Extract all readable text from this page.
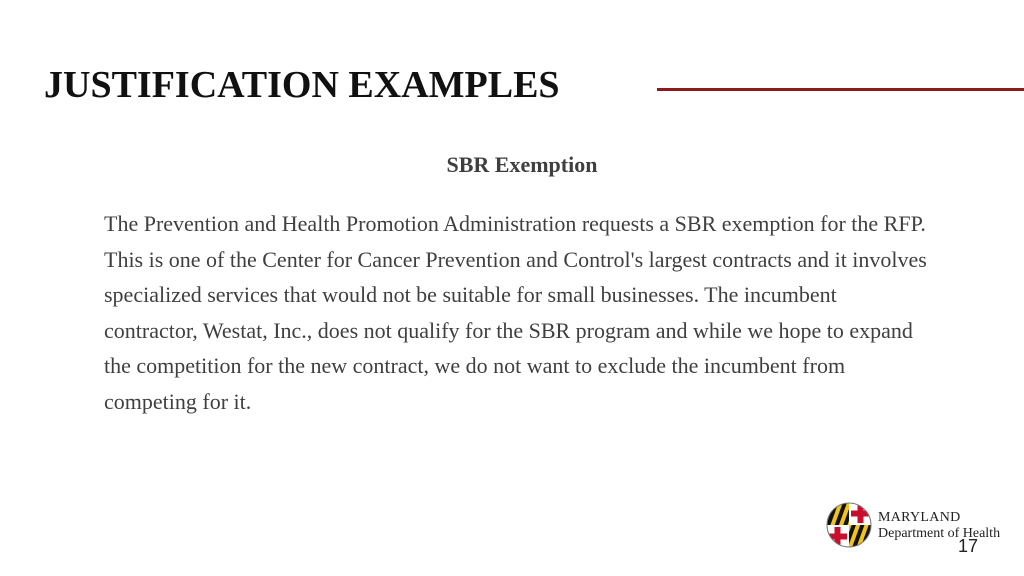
JUSTIFICATION EXAMPLES
SBR Exemption

The Prevention and Health Promotion Administration requests a SBR exemption for the RFP. This is one of the Center for Cancer Prevention and Control's largest contracts and it involves specialized services that would not be suitable for small businesses. The incumbent contractor, Westat, Inc., does not qualify for the SBR program and while we hope to expand the competition for the new contract, we do not want to exclude the incumbent from competing for it.

MARYLAND
Department of Health
17
